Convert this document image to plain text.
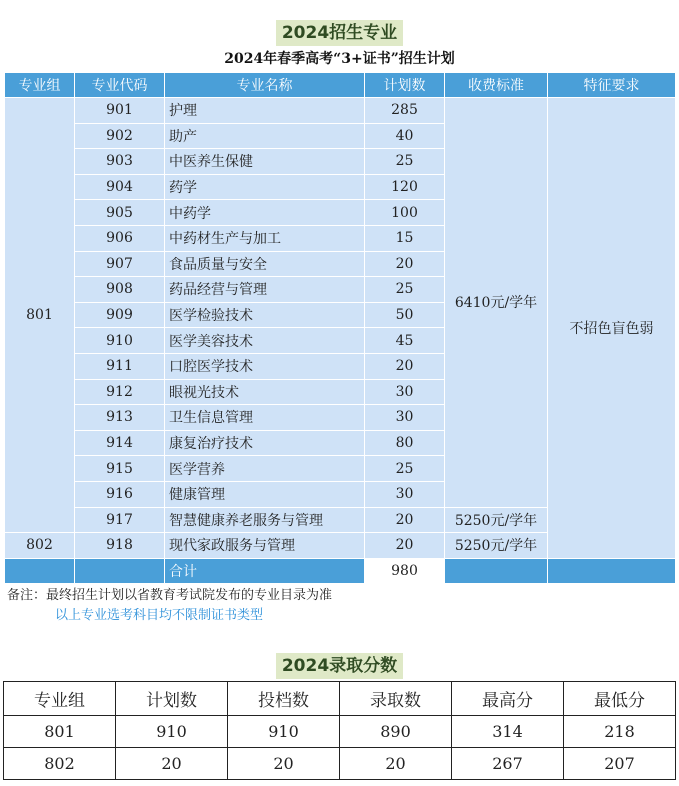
2024招生专业
2024年春季高考“3+证书”招生计划
专业组	专业代码	专业名称	计划数	收费标准	特征要求
801	901	护理	285	6410元/学年	不招色盲色弱
	902	助产	40		
	903	中医养生保健	25		
	904	药学	120		
	905	中药学	100		
	906	中药材生产与加工	15		
	907	食品质量与安全	20		
	908	药品经营与管理	25		
	909	医学检验技术	50		
	910	医学美容技术	45		
	911	口腔医学技术	20		
	912	眼视光技术	30		
	913	卫生信息管理	30		
	914	康复治疗技术	80		
	915	医学营养	25		
	916	健康管理	30		
	917	智慧健康养老服务与管理	20	5250元/学年	
802	918	现代家政服务与管理	20	5250元/学年	
		合计	980		
备注：最终招生计划以省教育考试院发布的专业目录为准
以上专业选考科目均不限制证书类型
2024录取分数
专业组	计划数	投档数	录取数	最高分	最低分
801	910	910	890	314	218
802	20	20	20	267	207
